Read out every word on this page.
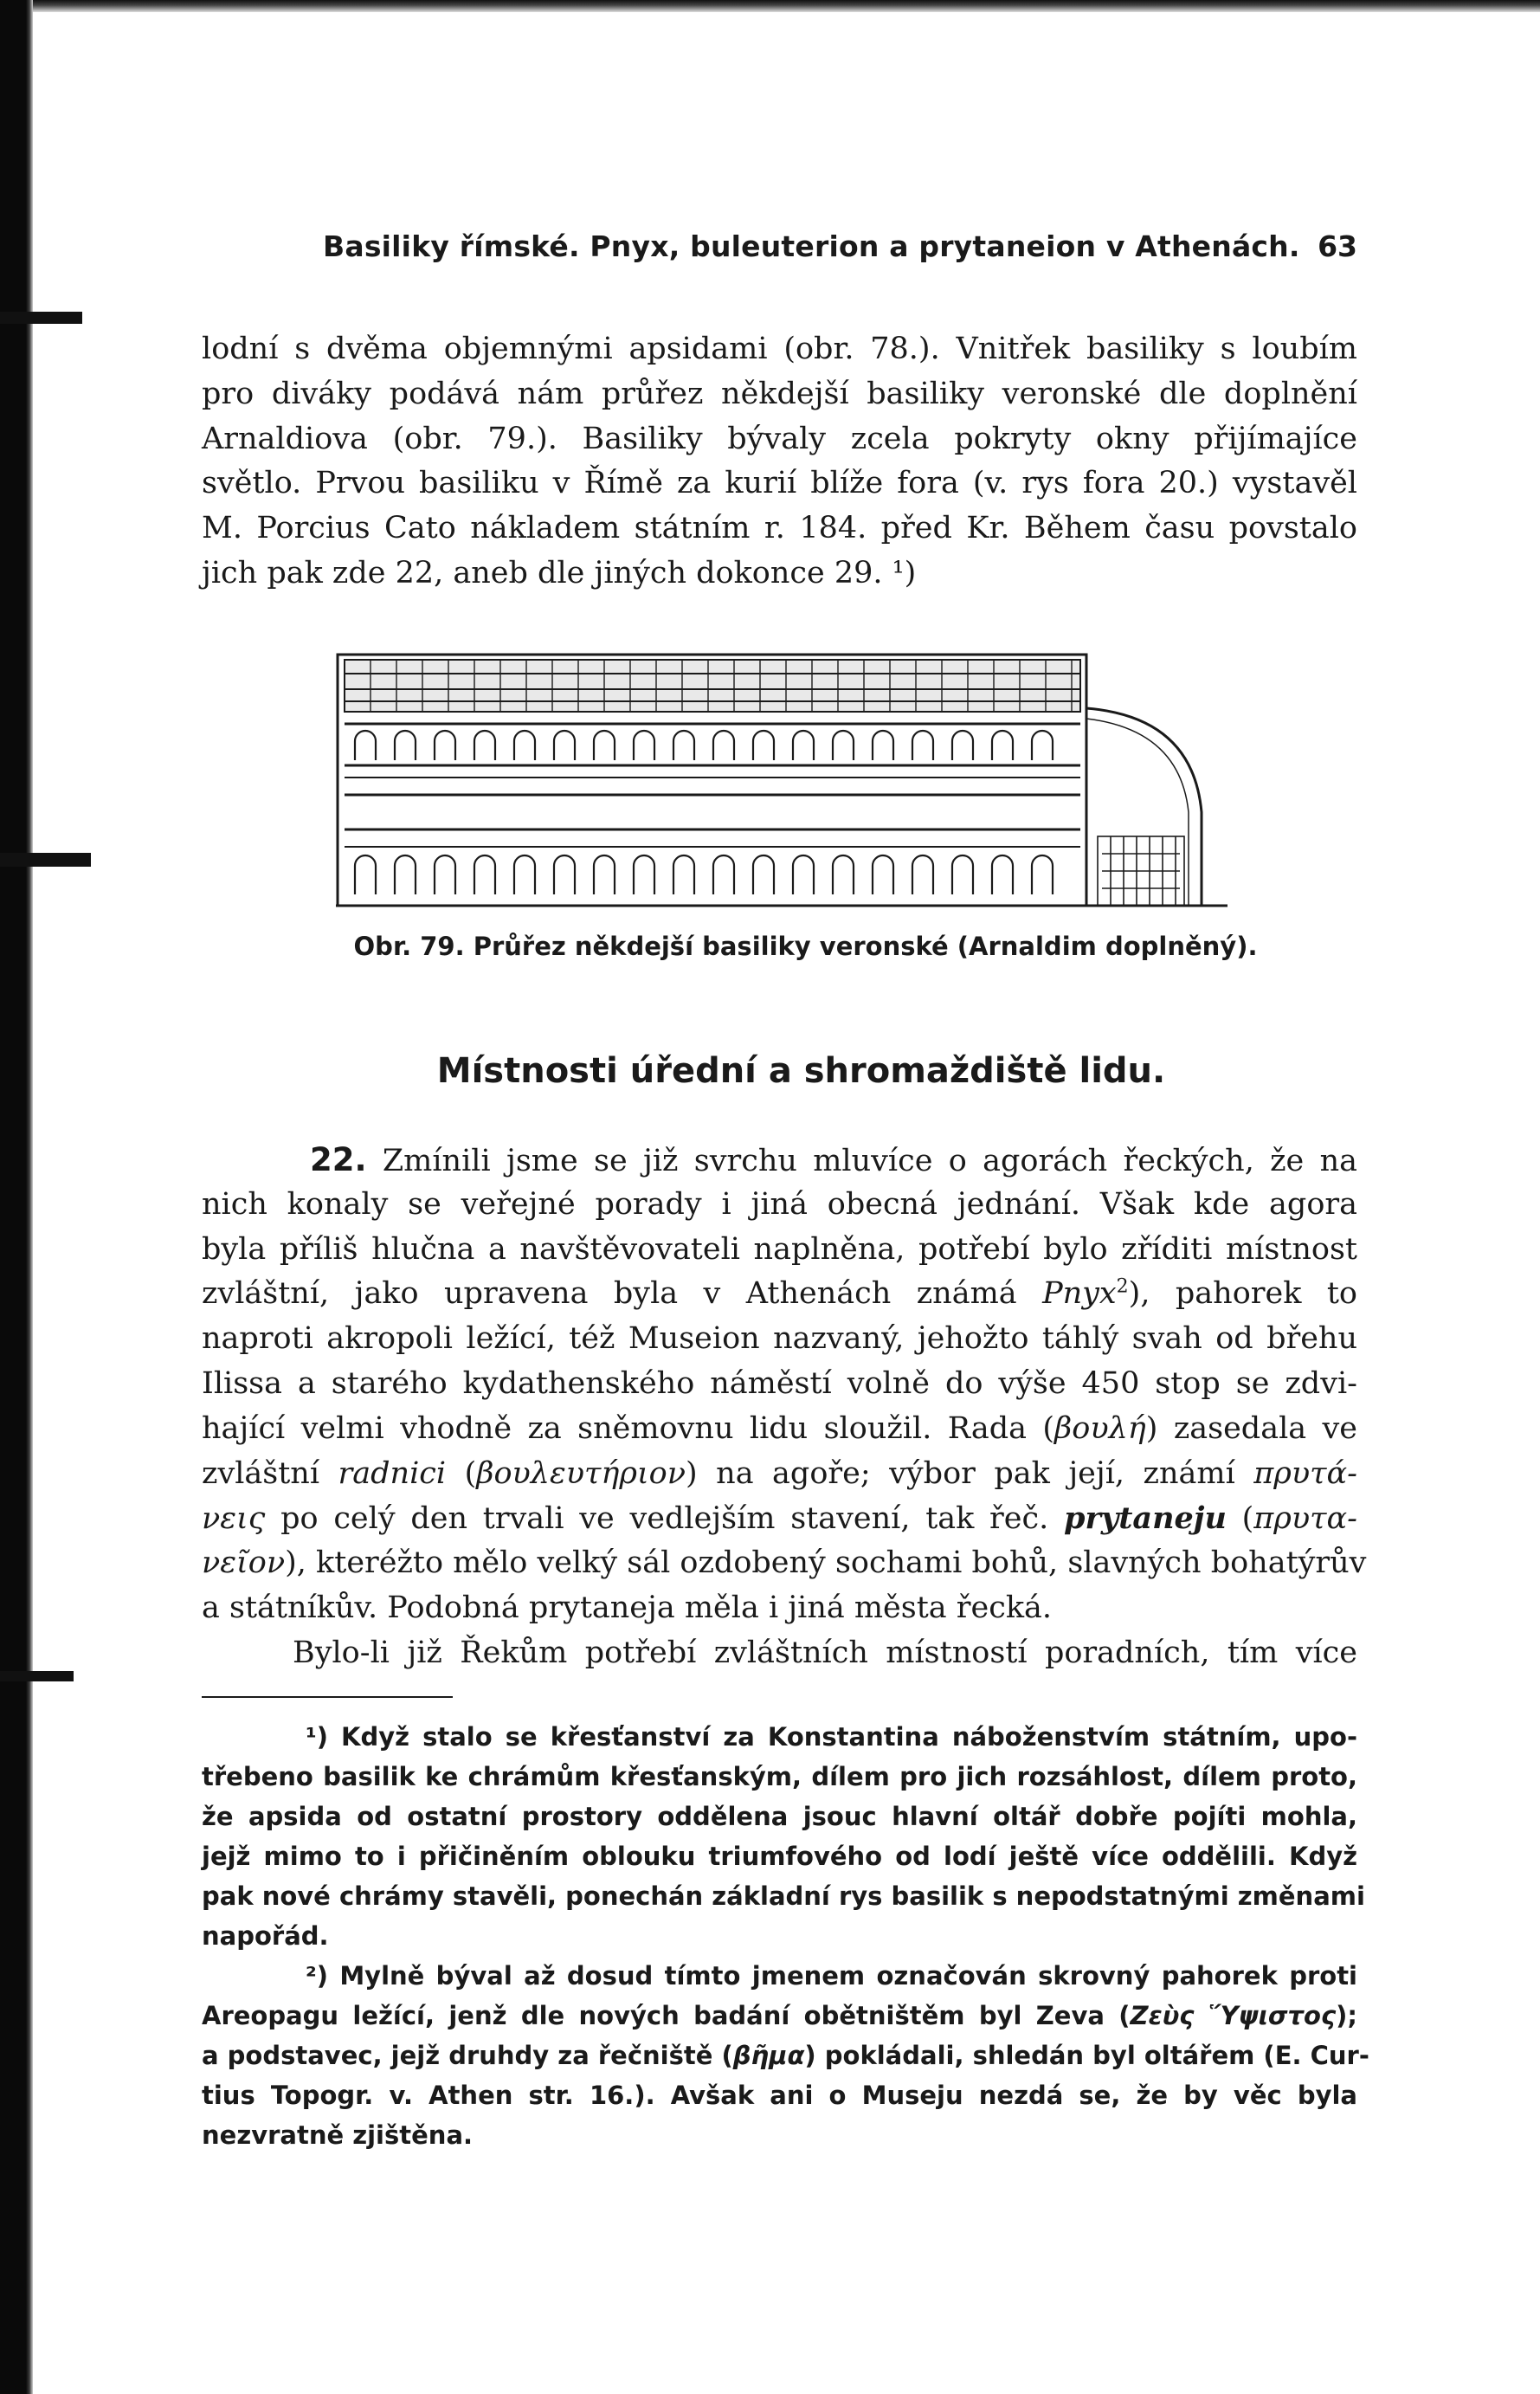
Basiliky římské. Pnyx, buleuterion a prytaneion v Athenách. 63
lodní s dvěma objemnými apsidami (obr. 78.). Vnitřek basiliky s loubím
pro diváky podává nám průřez někdejší basiliky veronské dle doplnění
Arnaldiova (obr. 79.). Basiliky bývaly zcela pokryty okny přijímajíce
světlo. Prvou basiliku v Římě za kurií blíže fora (v. rys fora 20.) vystavěl
M. Porcius Cato nákladem státním r. 184. před Kr. Během času povstalo
jich pak zde 22, aneb dle jiných dokonce 29. ¹)
Obr. 79. Průřez někdejší basiliky veronské (Arnaldim doplněný).
Místnosti úřední a shromaždiště lidu.
22. Zmínili jsme se již svrchu mluvíce o agorách řeckých, že na
nich konaly se veřejné porady i jiná obecná jednání. Však kde agora
byla příliš hlučna a navštěvovateli naplněna, potřebí bylo zříditi místnost
zvláštní, jako upravena byla v Athenách známá Pnyx$^2$), pahorek to
naproti akropoli ležící, též Museion nazvaný, jehožto táhlý svah od břehu
Ilissa a starého kydathenského náměstí volně do výše 450 stop se zdvi-
hající velmi vhodně za sněmovnu lidu sloužil. Rada (βουλή) zasedala ve
zvláštní radnici (βουλευτήριον) na agoře; výbor pak její, známí πρυτά-
νεις po celý den trvali ve vedlejším stavení, tak řeč. prytaneju (πρυτα-
νεῖον), kteréžto mělo velký sál ozdobený sochami bohů, slavných bohatýrův
a státníkův. Podobná prytaneja měla i jiná města řecká.
Bylo-li již Řekům potřebí zvláštních místností poradních, tím více
¹) Když stalo se křesťanství za Konstantina náboženstvím státním, upo-
třebeno basilik ke chrámům křesťanským, dílem pro jich rozsáhlost, dílem proto,
že apsida od ostatní prostory oddělena jsouc hlavní oltář dobře pojíti mohla,
jejž mimo to i přičiněním oblouku triumfového od lodí ještě více oddělili. Když
pak nové chrámy stavěli, ponechán základní rys basilik s nepodstatnými změnami
napořád.
²) Mylně býval až dosud tímto jmenem označován skrovný pahorek proti
Areopagu ležící, jenž dle nových badání obětništěm byl Zeva (Ζεὺς Ὕψιστος);
a podstavec, jejž druhdy za řečniště (βῆμα) pokládali, shledán byl oltářem (E. Cur-
tius Topogr. v. Athen str. 16.). Avšak ani o Museju nezdá se, že by věc byla
nezvratně zjištěna.
